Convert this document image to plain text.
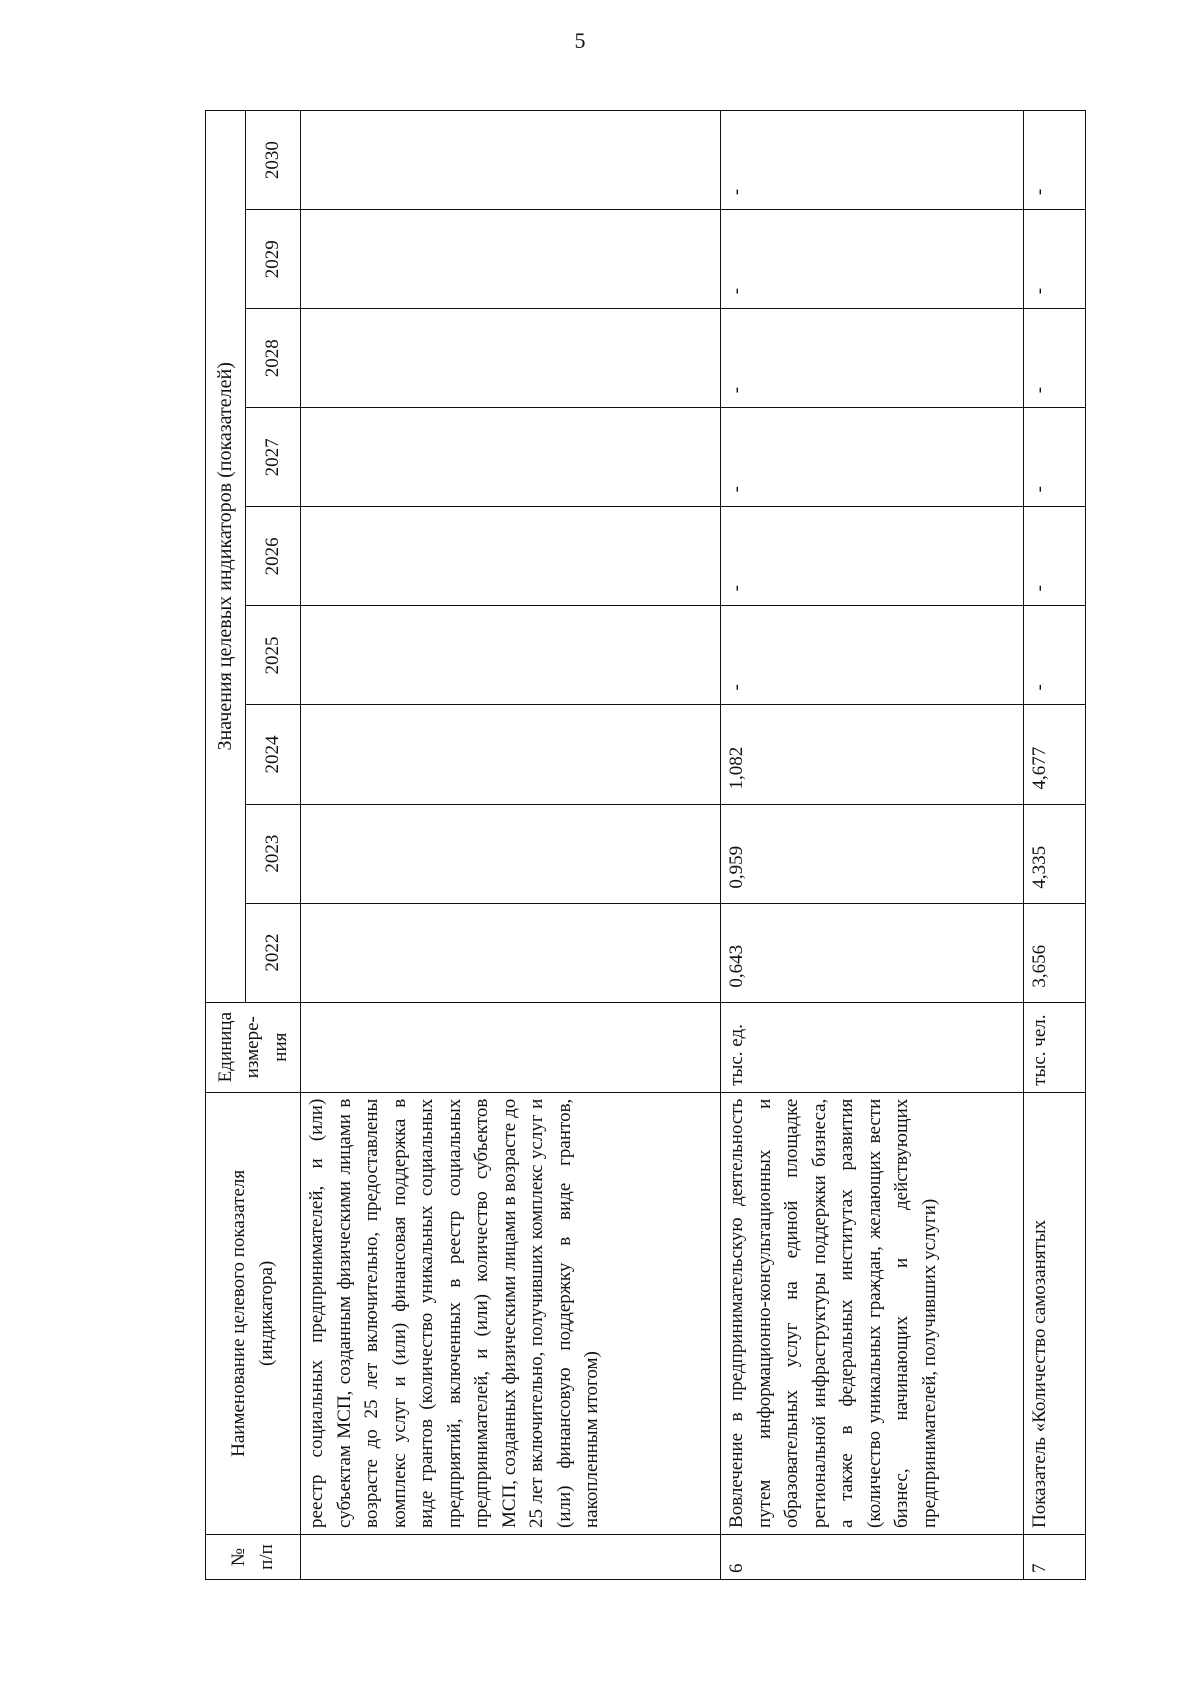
5
№ п/п	Наименование целевого показателя (индикатора)	Единица измере-ния	Значения целевых индикаторов (показателей)								
			2022	2023	2024	2025	2026	2027	2028	2029	2030
	реестр социальных предпринимателей, и (или) субъектам МСП, созданным физическими лицами в возрасте до 25 лет включительно, предоставлены комплекс услуг и (или) финансовая поддержка в виде грантов (количество уникальных социальных предприятий, включенных в реестр социальных предпринимателей, и (или) количество субъектов МСП, созданных физическими лицами в возрасте до 25 лет включительно, получивших комплекс услуг и (или) финансовую поддержку в виде грантов, накопленным итогом)										
6	Вовлечение в предпринимательскую деятельность путем информационно-консультационных и образовательных услуг на единой площадке региональной инфраструктуры поддержки бизнеса, а также в федеральных институтах развития (количество уникальных граждан, желающих вести бизнес, начинающих и действующих предпринимателей, получивших услуги)	тыс. ед.	0,643	0,959	1,082	-	-	-	-	-	-
7	Показатель «Количество самозанятых	тыс. чел.	3,656	4,335	4,677	-	-	-	-	-	-
